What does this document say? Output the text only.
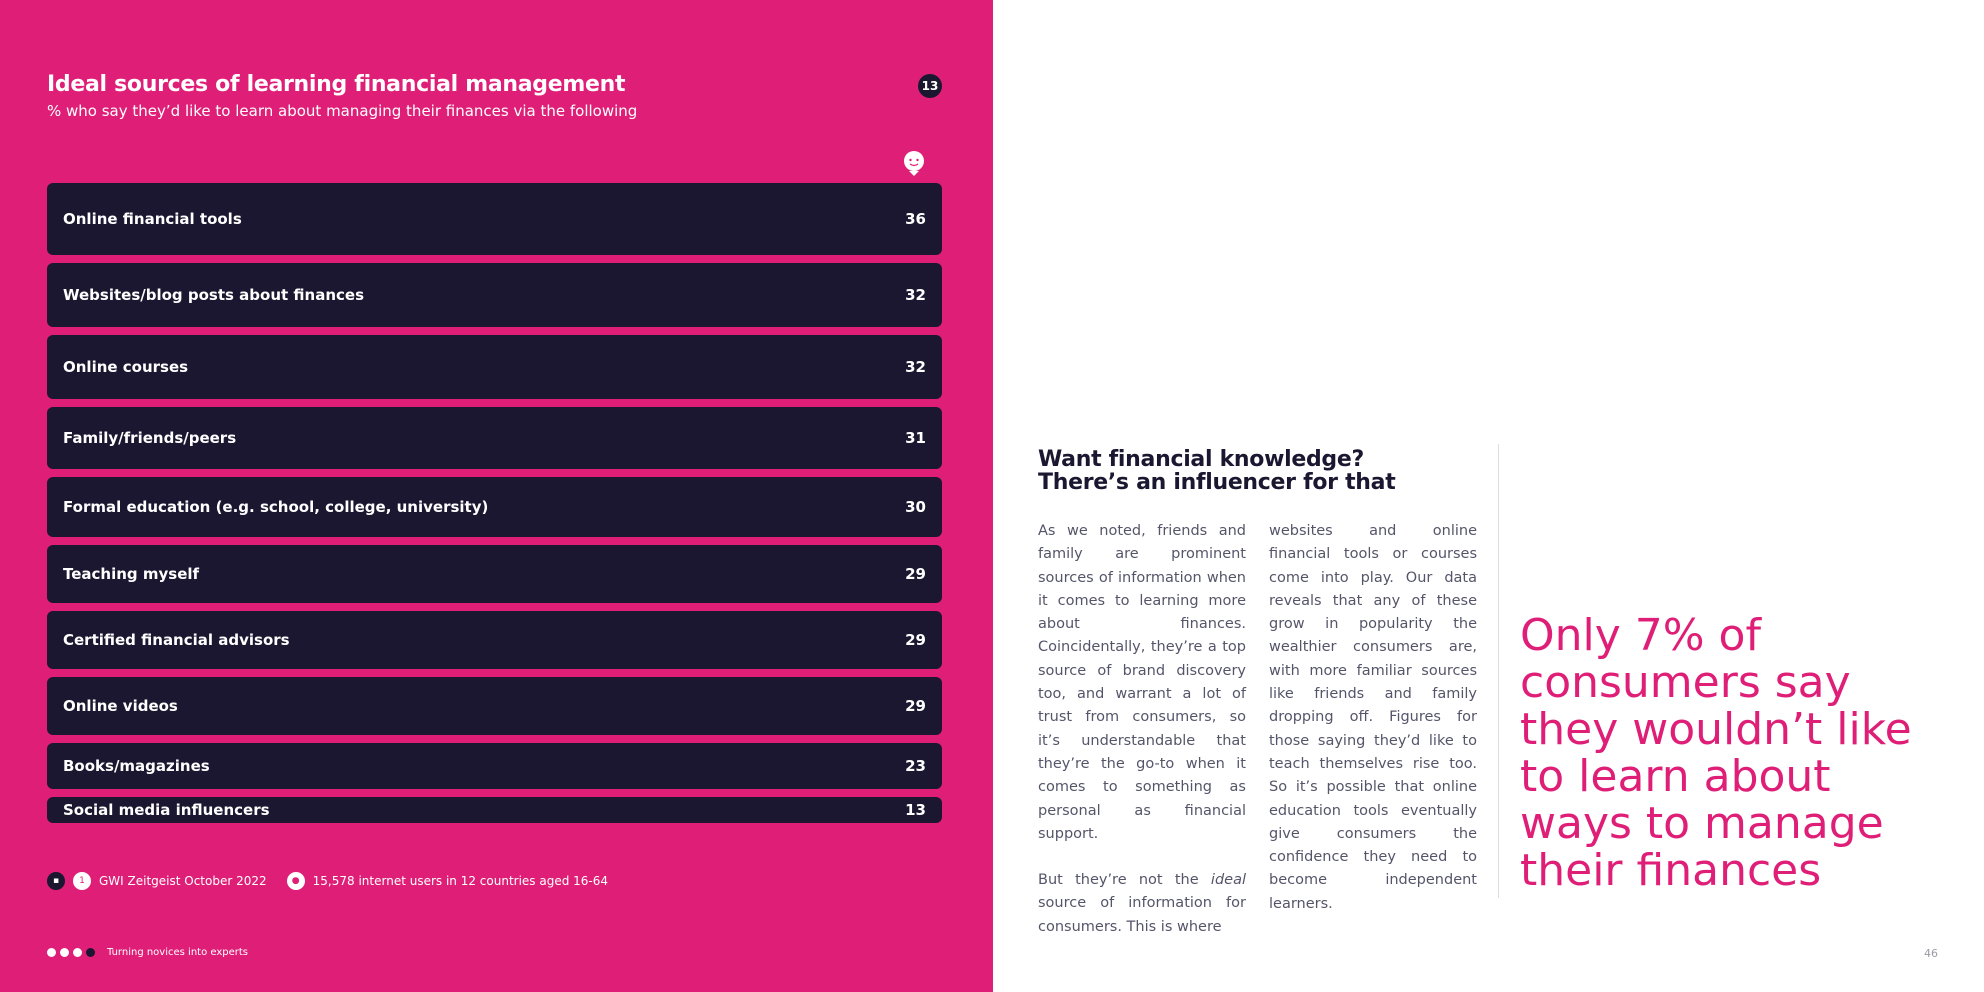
Ideal sources of learning financial management

% who say they’d like to learn about managing their finances via the following

13
Online financial tools	36
Websites/blog posts about finances	32
Online courses	32
Family/friends/peers	31
Formal education (e.g. school, college, university)	30
Teaching myself	29
Certified financial advisors	29
Online videos	29
Books/magazines	23
Social media influencers	13
▪	1	GWI Zeitgeist October 2022	●	15,578 internet users in 12 countries aged 16-64
Turning novices into experts
Want financial knowledge?
There’s an influencer for that

As we noted, friends and family are prominent sources of information when it comes to learning more about finances. Coincidentally, they’re a top source of brand discovery too, and warrant a lot of trust from consumers, so it’s understandable that they’re the go-to when it comes to something as personal as financial support.

But they’re not the ideal source of information for consumers. This is where

websites and online financial tools or courses come into play. Our data reveals that any of these grow in popularity the wealthier consumers are, with more familiar sources like friends and family dropping off. Figures for those saying they’d like to teach themselves rise too. So it’s possible that online education tools eventually give consumers the confidence they need to become independent learners.

Only 7% of consumers say they wouldn’t like to learn about ways to manage their finances

46
